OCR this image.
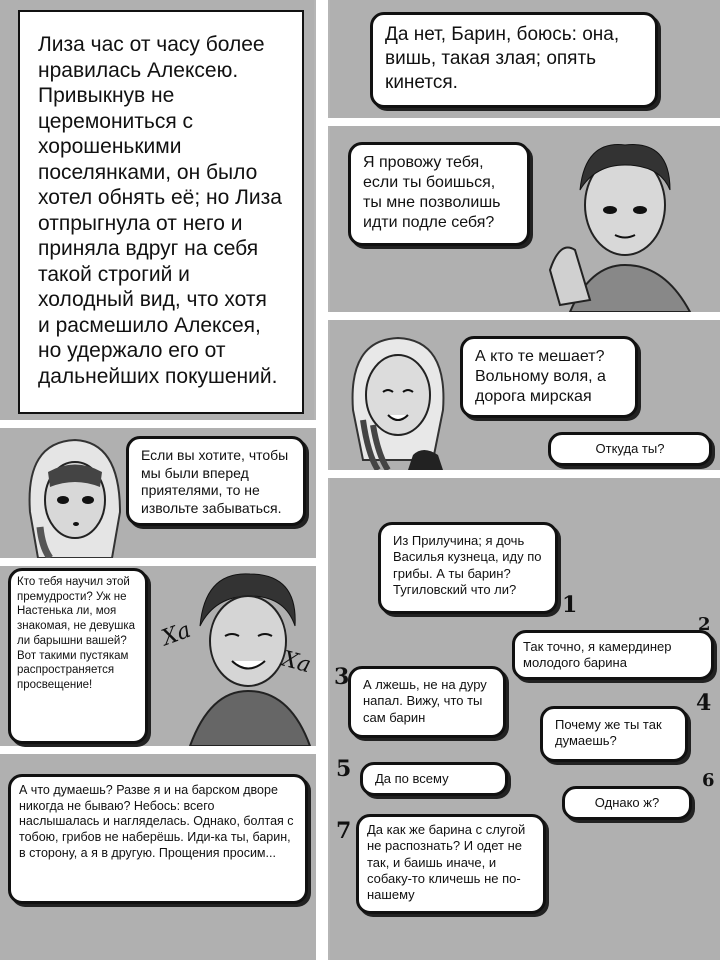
Лиза час от часу более нравилась Алексею. Привыкнув не церемониться с хорошенькими поселянками, он было хотел обнять её; но Лиза отпрыгнула от него и приняла вдруг на себя такой строгий и холодный вид, что хотя и расмешило Алексея, но удержало его от дальнейших покушений.
Да нет, Барин, боюсь: она, вишь, такая злая; опять кинется.
Я провожу тебя, если ты боишься, ты мне позволишь идти подле себя?
А кто те мешает? Вольному воля, а дорога мирская
Откуда ты?
Если вы хотите, чтобы мы были вперед приятелями, то не извольте забываться.
Из Прилучина; я дочь Василья кузнеца, иду по грибы. А ты барин? Тугиловский что ли?
Кто тебя научил этой премудрости? Уж не Настенька ли, моя знакомая, не девушка ли барышни вашей? Вот такими пустякам распространяется просвещение!
Так точно, я камердинер молодого барина
А лжешь, не на дуру напал. Вижу, что ты сам барин	Почему же ты так думаешь?
Да по всему
Однако ж?
А что думаешь? Разве я и на барском дворе никогда не бываю? Небось: всего наслышалась и нагляделась. Однако, болтая с тобою, грибов не наберёшь. Иди-ка ты, барин, в сторону, а я в другую. Прощения просим...
Да как же барина с слугой не распознать? И одет не так, и баишь иначе, и собаку-то кличешь не по-нашему
1
2
3
4
5	6
7
Ха
Ха
